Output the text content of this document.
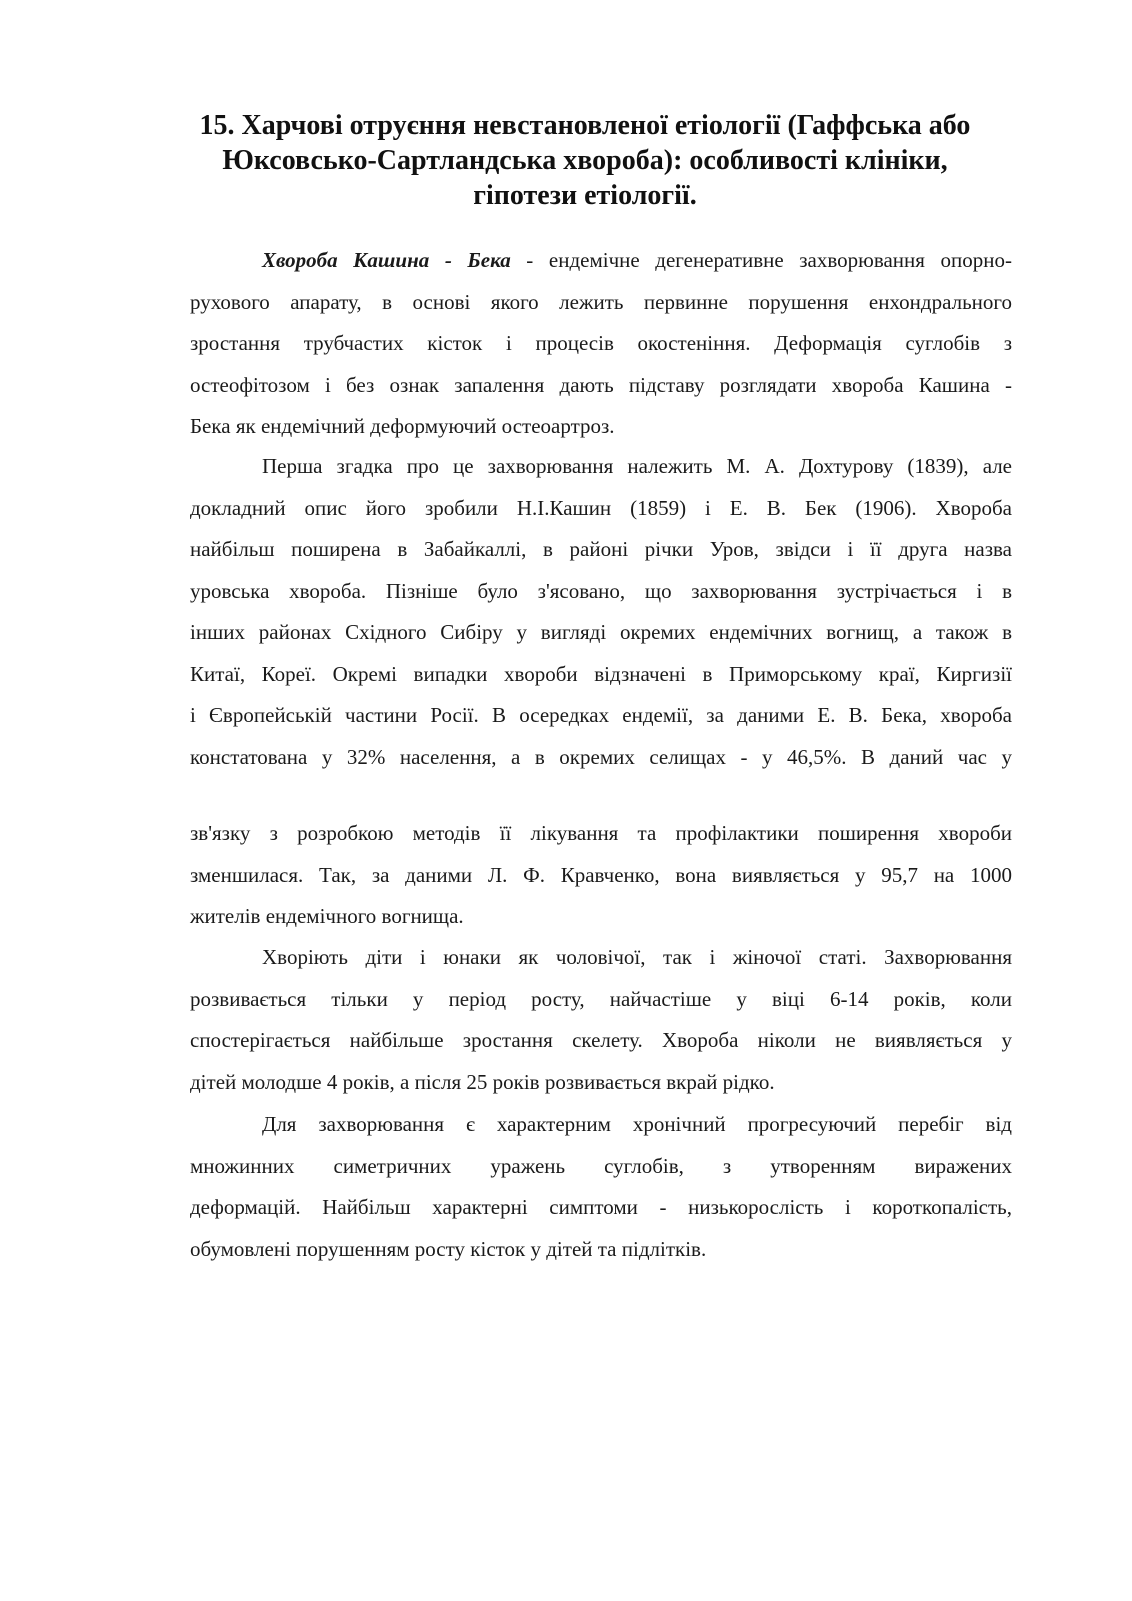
15. Харчові отруєння невстановленої етіології (Гаффська або
Юксовсько-Сартландська хвороба): особливості клініки,
гіпотези етіології.
Хвороба Кашина - Бека - ендемічне дегенеративне захворювання опорно-
рухового апарату, в основі якого лежить первинне порушення енхондрального
зростання трубчастих кісток і процесів окостеніння. Деформація суглобів з
остеофітозом і без ознак запалення дають підставу розглядати хвороба Кашина -
Бека як ендемічний деформуючий остеоартроз.
Перша згадка про це захворювання належить М. А. Дохтурову (1839), але
докладний опис його зробили Н.І.Кашин (1859) і Е. В. Бек (1906). Хвороба
найбільш поширена в Забайкаллі, в районі річки Уров, звідси і її друга назва
уровська хвороба. Пізніше було з'ясовано, що захворювання зустрічається і в
інших районах Східного Сибіру у вигляді окремих ендемічних вогнищ, а також в
Китаї, Кореї. Окремі випадки хвороби відзначені в Приморському краї, Киргизії
і Європейській частини Росії. В осередках ендемії, за даними Е. В. Бека, хвороба
констатована у 32% населення, а в окремих селищах - у 46,5%. В даний час у
зв'язку з розробкою методів її лікування та профілактики поширення хвороби
зменшилася. Так, за даними Л. Ф. Кравченко, вона виявляється у 95,7 на 1000
жителів ендемічного вогнища.
Хворіють діти і юнаки як чоловічої, так і жіночої статі. Захворювання
розвивається тільки у період росту, найчастіше у віці 6-14 років, коли
спостерігається найбільше зростання скелету. Хвороба ніколи не виявляється у
дітей молодше 4 років, а після 25 років розвивається вкрай рідко.
Для захворювання є характерним хронічний прогресуючий перебіг від
множинних симетричних уражень суглобів, з утворенням виражених
деформацій. Найбільш характерні симптоми - низькорослість і короткопалість,
обумовлені порушенням росту кісток у дітей та підлітків.
